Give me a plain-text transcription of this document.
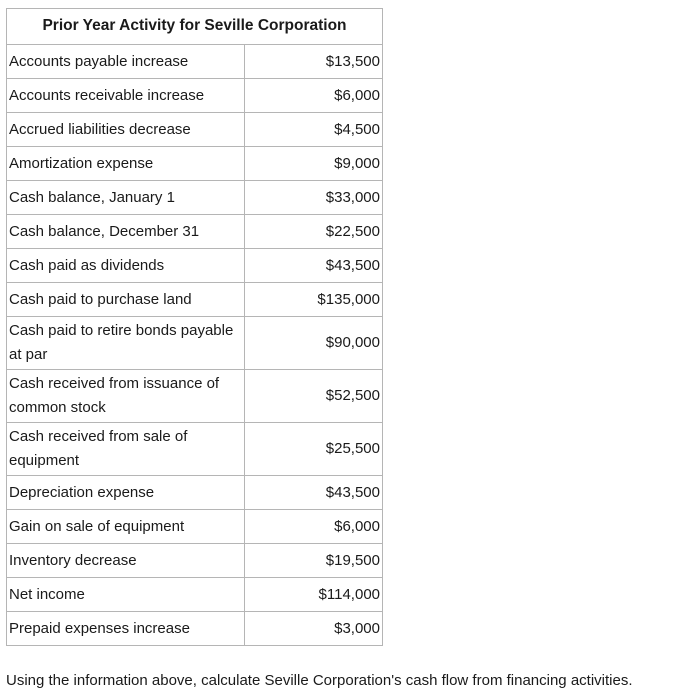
Prior Year Activity for Seville Corporation
Accounts payable increase	$13,500
Accounts receivable increase	$6,000
Accrued liabilities decrease	$4,500
Amortization expense	$9,000
Cash balance, January 1	$33,000
Cash balance, December 31	$22,500
Cash paid as dividends	$43,500
Cash paid to purchase land	$135,000
Cash paid to retire bonds payable at par	$90,000
Cash received from issuance of common stock	$52,500
Cash received from sale of equipment	$25,500
Depreciation expense	$43,500
Gain on sale of equipment	$6,000
Inventory decrease	$19,500
Net income	$114,000
Prepaid expenses increase	$3,000

Using the information above, calculate Seville Corporation's cash flow from financing activities.
